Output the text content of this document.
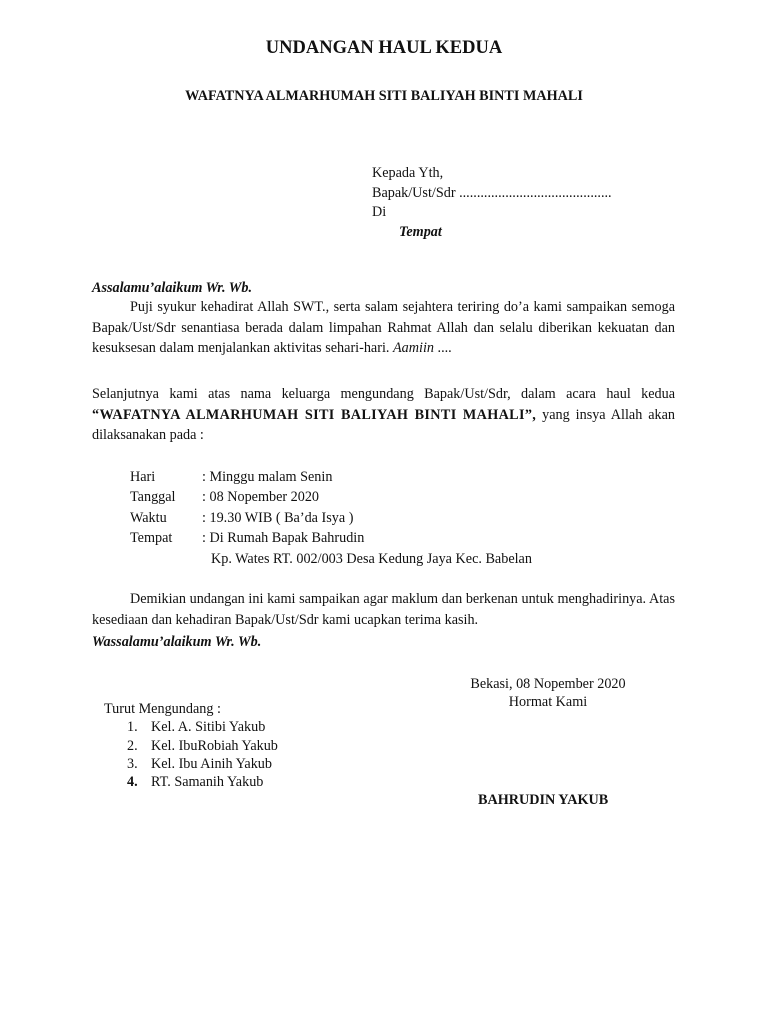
UNDANGAN HAUL KEDUA
WAFATNYA ALMARHUMAH SITI BALIYAH BINTI MAHALI
Kepada Yth,
Bapak/Ust/Sdr ...........................................
Di
Tempat
Assalamu’alaikum Wr. Wb.

Puji syukur kehadirat Allah SWT., serta salam sejahtera teriring do’a kami sampaikan semoga Bapak/Ust/Sdr senantiasa berada dalam limpahan Rahmat Allah dan selalu diberikan kekuatan dan kesuksesan dalam menjalankan aktivitas sehari-hari. Aamiin ....

Selanjutnya kami atas nama keluarga mengundang Bapak/Ust/Sdr, dalam acara haul kedua “WAFATNYA ALMARHUMAH SITI BALIYAH BINTI MAHALI”, yang insya Allah akan dilaksanakan pada :

Hari	: Minggu malam Senin
Tanggal : 08 Nopember 2020
Waktu : 19.30 WIB ( Ba’da Isya )
Tempat : Di Rumah Bapak Bahrudin
Kp. Wates RT. 002/003 Desa Kedung Jaya Kec. Babelan

Demikian undangan ini kami sampaikan agar maklum dan berkenan untuk menghadirinya. Atas kesediaan dan kehadiran Bapak/Ust/Sdr kami ucapkan terima kasih.

Wassalamu’alaikum Wr. Wb.
Bekasi, 08 Nopember 2020
Hormat Kami
Turut Mengundang :
1. Kel. A. Sitibi Yakub
2. Kel. IbuRobiah Yakub
3. Kel. Ibu Ainih Yakub
4. RT. Samanih Yakub
BAHRUDIN YAKUB
